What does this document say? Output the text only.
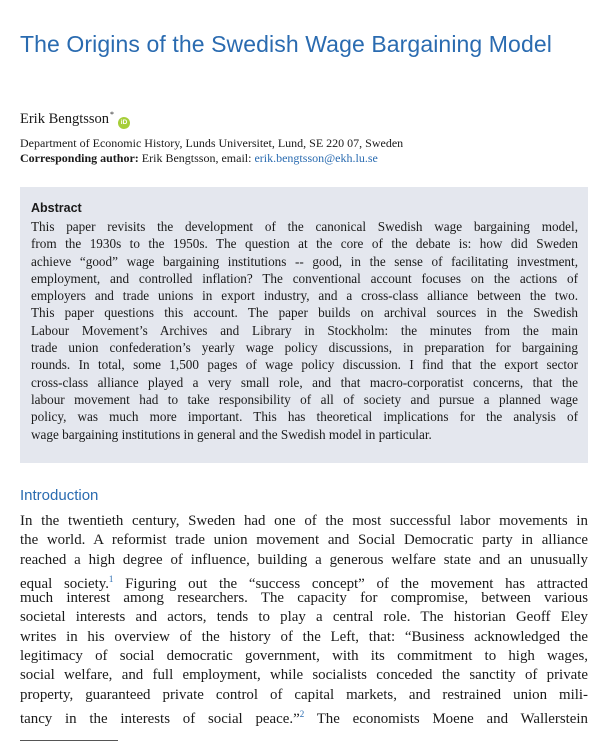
The Origins of the Swedish Wage Bargaining Model
Erik Bengtsson*iD
Department of Economic History, Lunds Universitet, Lund, SE 220 07, Sweden
Corresponding author: Erik Bengtsson, email: erik.bengtsson@ekh.lu.se
Abstract
This paper revisits the development of the canonical Swedish wage bargaining model,
from the 1930s to the 1950s. The question at the core of the debate is: how did Sweden
achieve “good” wage bargaining institutions -- good, in the sense of facilitating investment,
employment, and controlled inflation? The conventional account focuses on the actions of
employers and trade unions in export industry, and a cross-class alliance between the two.
This paper questions this account. The paper builds on archival sources in the Swedish
Labour Movement’s Archives and Library in Stockholm: the minutes from the main
trade union confederation’s yearly wage policy discussions, in preparation for bargaining
rounds. In total, some 1,500 pages of wage policy discussion. I find that the export sector
cross-class alliance played a very small role, and that macro-corporatist concerns, that the
labour movement had to take responsibility of all of society and pursue a planned wage
policy, was much more important. This has theoretical implications for the analysis of
wage bargaining institutions in general and the Swedish model in particular.
Introduction
In the twentieth century, Sweden had one of the most successful labor movements in
the world. A reformist trade union movement and Social Democratic party in alliance
reached a high degree of influence, building a generous welfare state and an unusually
equal society.$^1$ Figuring out the “success concept” of the movement has attracted
much interest among researchers. The capacity for compromise, between various
societal interests and actors, tends to play a central role. The historian Geoff Eley
writes in his overview of the history of the Left, that: “Business acknowledged the
legitimacy of social democratic government, with its commitment to high wages,
social welfare, and full employment, while socialists conceded the sanctity of private
property, guaranteed private control of capital markets, and restrained union mili-
tancy in the interests of social peace.”$^2$ The economists Moene and Wallerstein
